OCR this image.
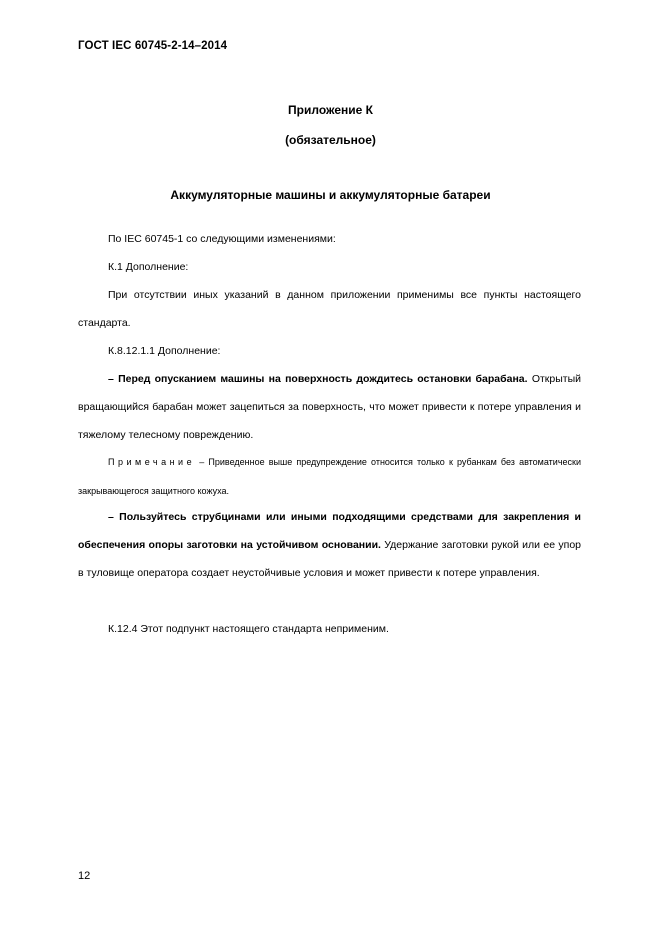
ГОСТ IEC 60745-2-14–2014
Приложение К
(обязательное)
Аккумуляторные машины и аккумуляторные батареи
По IEC 60745-1 со следующими изменениями:
К.1 Дополнение:
При отсутствии иных указаний в данном приложении применимы все пункты настоящего стандарта.
К.8.12.1.1 Дополнение:
– Перед опусканием машины на поверхность дождитесь остановки барабана. Открытый вращающийся барабан может зацепиться за поверхность, что может привести к потере управления и тяжелому телесному повреждению.
Примечание – Приведенное выше предупреждение относится только к рубанкам без автоматически закрывающегося защитного кожуха.
– Пользуйтесь струбцинами или иными подходящими средствами для закрепления и обеспечения опоры заготовки на устойчивом основании. Удержание заготовки рукой или ее упор в туловище оператора создает неустойчивые условия и может привести к потере управления.
К.12.4 Этот подпункт настоящего стандарта неприменим.
12
